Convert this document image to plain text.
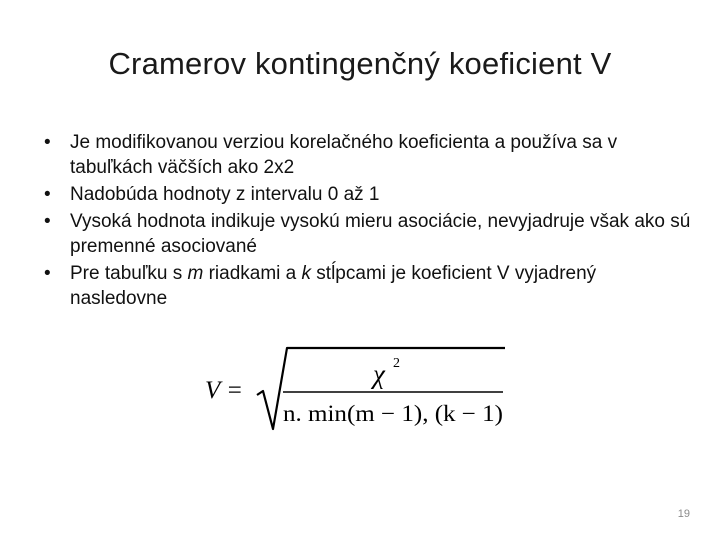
Cramerov kontingenčný koeficient V
•	Je modifikovanou verziou korelačného koeficienta a používa sa v tabuľkách väčších ako 2x2
•	Nadobúda hodnoty z intervalu 0 až 1
•	Vysoká hodnota indikuje vysokú mieru asociácie, nevyjadruje však ako sú premenné asociované
•	Pre tabuľku s m riadkami a k stĺpcami je koeficient V vyjadrený nasledovne
V =
χ 2
n. min(m − 1), (k − 1)
19
